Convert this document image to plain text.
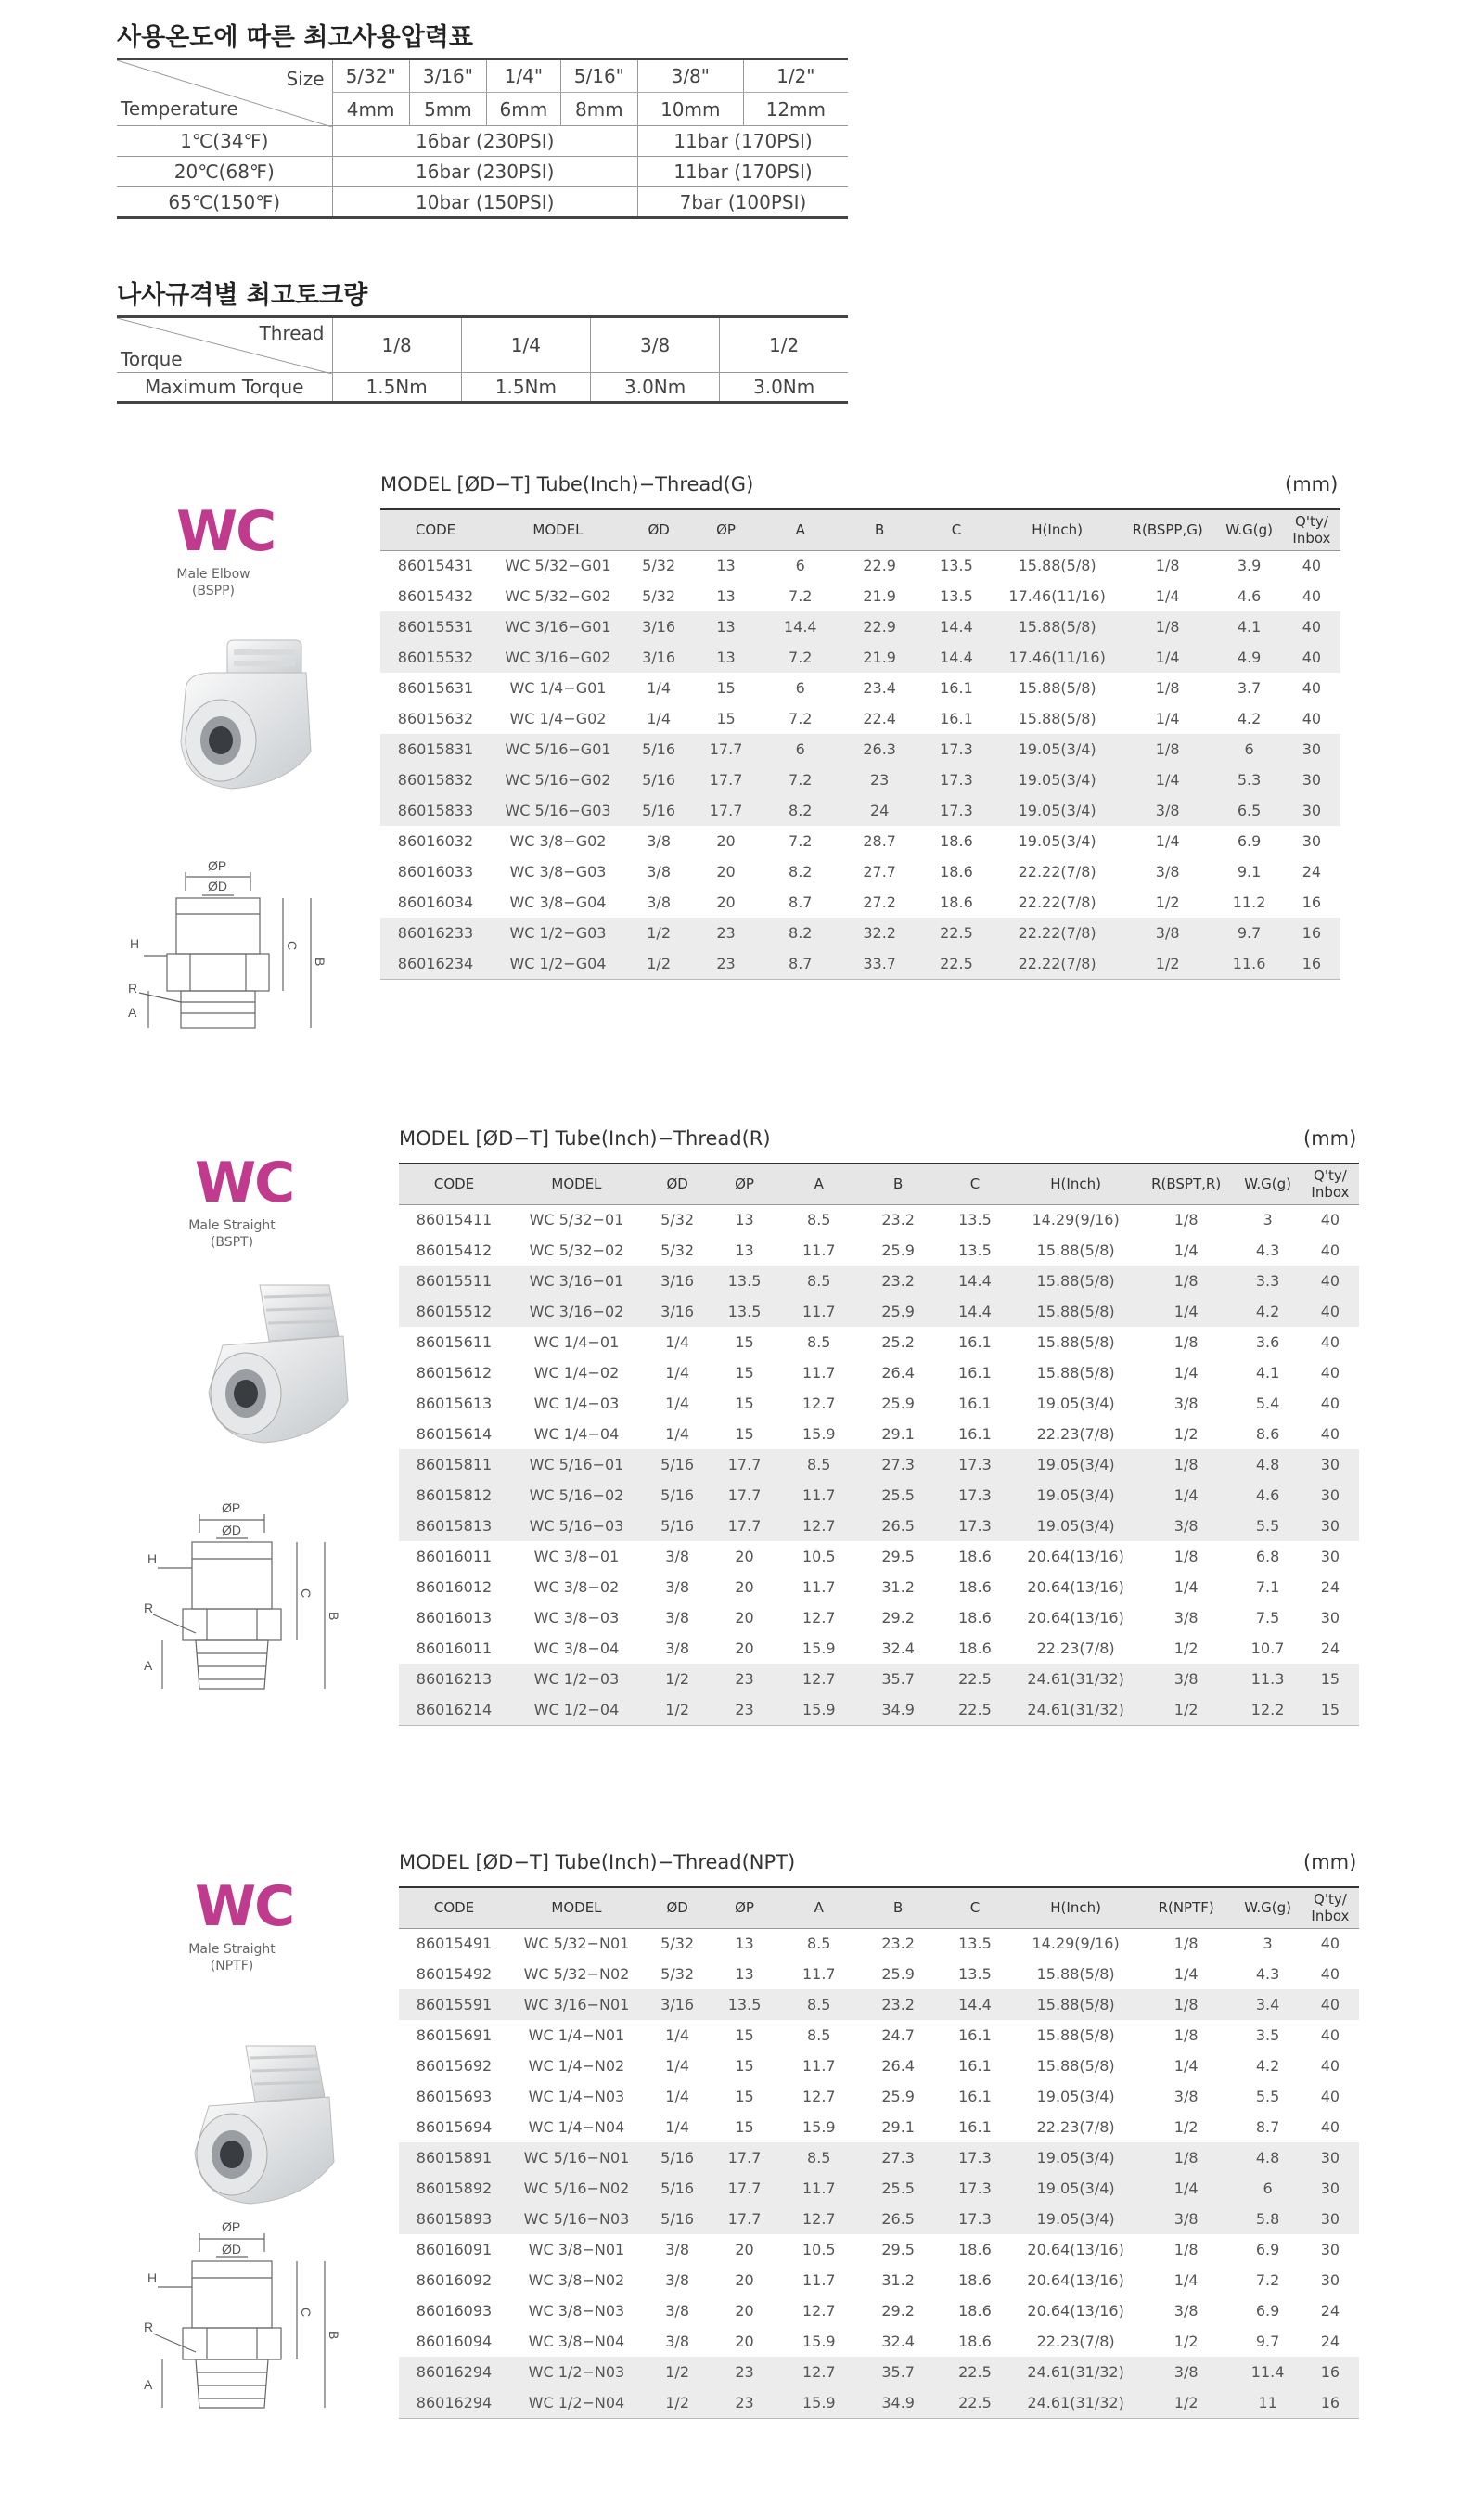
사용온도에 따른 최고사용압력표
Size
Temperature	5/32"	3/16"	1/4"	5/16"	3/8"	1/2"
	4mm	5mm	6mm	8mm	10mm	12mm
1℃(34℉)	16bar (230PSI)				11bar (170PSI)	
20℃(68℉)	16bar (230PSI)				11bar (170PSI)	
65℃(150℉)	10bar (150PSI)				7bar (100PSI)	
나사규격별 최고토크량
Thread
Torque	1/8	1/4	3/8	1/2
Maximum Torque	1.5Nm	1.5Nm	3.0Nm	3.0Nm
WC
Male Elbow
(BSPP)
ØP
ØD
C
B
H
R
A
MODEL [ØD−T] Tube(Inch)−Thread(G)	(mm)
CODE	MODEL	ØD	ØP	A	B	C	H(Inch)	R(BSPP,G)	W.G(g)	Q'ty/
Inbox
86015431	WC 5/32−G01	5/32	13	6	22.9	13.5	15.88(5/8)	1/8	3.9	40
86015432	WC 5/32−G02	5/32	13	7.2	21.9	13.5	17.46(11/16)	1/4	4.6	40
86015531	WC 3/16−G01	3/16	13	14.4	22.9	14.4	15.88(5/8)	1/8	4.1	40
86015532	WC 3/16−G02	3/16	13	7.2	21.9	14.4	17.46(11/16)	1/4	4.9	40
86015631	WC 1/4−G01	1/4	15	6	23.4	16.1	15.88(5/8)	1/8	3.7	40
86015632	WC 1/4−G02	1/4	15	7.2	22.4	16.1	15.88(5/8)	1/4	4.2	40
86015831	WC 5/16−G01	5/16	17.7	6	26.3	17.3	19.05(3/4)	1/8	6	30
86015832	WC 5/16−G02	5/16	17.7	7.2	23	17.3	19.05(3/4)	1/4	5.3	30
86015833	WC 5/16−G03	5/16	17.7	8.2	24	17.3	19.05(3/4)	3/8	6.5	30
86016032	WC 3/8−G02	3/8	20	7.2	28.7	18.6	19.05(3/4)	1/4	6.9	30
86016033	WC 3/8−G03	3/8	20	8.2	27.7	18.6	22.22(7/8)	3/8	9.1	24
86016034	WC 3/8−G04	3/8	20	8.7	27.2	18.6	22.22(7/8)	1/2	11.2	16
86016233	WC 1/2−G03	1/2	23	8.2	32.2	22.5	22.22(7/8)	3/8	9.7	16
86016234	WC 1/2−G04	1/2	23	8.7	33.7	22.5	22.22(7/8)	1/2	11.6	16
WC
Male Straight
(BSPT)
ØP
ØD
C
B
H
R
A
MODEL [ØD−T] Tube(Inch)−Thread(R)	(mm)
CODE	MODEL	ØD	ØP	A	B	C	H(Inch)	R(BSPT,R)	W.G(g)	Q'ty/
Inbox
86015411	WC 5/32−01	5/32	13	8.5	23.2	13.5	14.29(9/16)	1/8	3	40
86015412	WC 5/32−02	5/32	13	11.7	25.9	13.5	15.88(5/8)	1/4	4.3	40
86015511	WC 3/16−01	3/16	13.5	8.5	23.2	14.4	15.88(5/8)	1/8	3.3	40
86015512	WC 3/16−02	3/16	13.5	11.7	25.9	14.4	15.88(5/8)	1/4	4.2	40
86015611	WC 1/4−01	1/4	15	8.5	25.2	16.1	15.88(5/8)	1/8	3.6	40
86015612	WC 1/4−02	1/4	15	11.7	26.4	16.1	15.88(5/8)	1/4	4.1	40
86015613	WC 1/4−03	1/4	15	12.7	25.9	16.1	19.05(3/4)	3/8	5.4	40
86015614	WC 1/4−04	1/4	15	15.9	29.1	16.1	22.23(7/8)	1/2	8.6	40
86015811	WC 5/16−01	5/16	17.7	8.5	27.3	17.3	19.05(3/4)	1/8	4.8	30
86015812	WC 5/16−02	5/16	17.7	11.7	25.5	17.3	19.05(3/4)	1/4	4.6	30
86015813	WC 5/16−03	5/16	17.7	12.7	26.5	17.3	19.05(3/4)	3/8	5.5	30
86016011	WC 3/8−01	3/8	20	10.5	29.5	18.6	20.64(13/16)	1/8	6.8	30
86016012	WC 3/8−02	3/8	20	11.7	31.2	18.6	20.64(13/16)	1/4	7.1	24
86016013	WC 3/8−03	3/8	20	12.7	29.2	18.6	20.64(13/16)	3/8	7.5	30
86016011	WC 3/8−04	3/8	20	15.9	32.4	18.6	22.23(7/8)	1/2	10.7	24
86016213	WC 1/2−03	1/2	23	12.7	35.7	22.5	24.61(31/32)	3/8	11.3	15
86016214	WC 1/2−04	1/2	23	15.9	34.9	22.5	24.61(31/32)	1/2	12.2	15
WC
Male Straight
(NPTF)
ØP
ØD
C
B
H
R
A
MODEL [ØD−T] Tube(Inch)−Thread(NPT)	(mm)
CODE	MODEL	ØD	ØP	A	B	C	H(Inch)	R(NPTF)	W.G(g)	Q'ty/
Inbox
86015491	WC 5/32−N01	5/32	13	8.5	23.2	13.5	14.29(9/16)	1/8	3	40
86015492	WC 5/32−N02	5/32	13	11.7	25.9	13.5	15.88(5/8)	1/4	4.3	40
86015591	WC 3/16−N01	3/16	13.5	8.5	23.2	14.4	15.88(5/8)	1/8	3.4	40
86015691	WC 1/4−N01	1/4	15	8.5	24.7	16.1	15.88(5/8)	1/8	3.5	40
86015692	WC 1/4−N02	1/4	15	11.7	26.4	16.1	15.88(5/8)	1/4	4.2	40
86015693	WC 1/4−N03	1/4	15	12.7	25.9	16.1	19.05(3/4)	3/8	5.5	40
86015694	WC 1/4−N04	1/4	15	15.9	29.1	16.1	22.23(7/8)	1/2	8.7	40
86015891	WC 5/16−N01	5/16	17.7	8.5	27.3	17.3	19.05(3/4)	1/8	4.8	30
86015892	WC 5/16−N02	5/16	17.7	11.7	25.5	17.3	19.05(3/4)	1/4	6	30
86015893	WC 5/16−N03	5/16	17.7	12.7	26.5	17.3	19.05(3/4)	3/8	5.8	30
86016091	WC 3/8−N01	3/8	20	10.5	29.5	18.6	20.64(13/16)	1/8	6.9	30
86016092	WC 3/8−N02	3/8	20	11.7	31.2	18.6	20.64(13/16)	1/4	7.2	30
86016093	WC 3/8−N03	3/8	20	12.7	29.2	18.6	20.64(13/16)	3/8	6.9	24
86016094	WC 3/8−N04	3/8	20	15.9	32.4	18.6	22.23(7/8)	1/2	9.7	24
86016294	WC 1/2−N03	1/2	23	12.7	35.7	22.5	24.61(31/32)	3/8	11.4	16
86016294	WC 1/2−N04	1/2	23	15.9	34.9	22.5	24.61(31/32)	1/2	11	16
